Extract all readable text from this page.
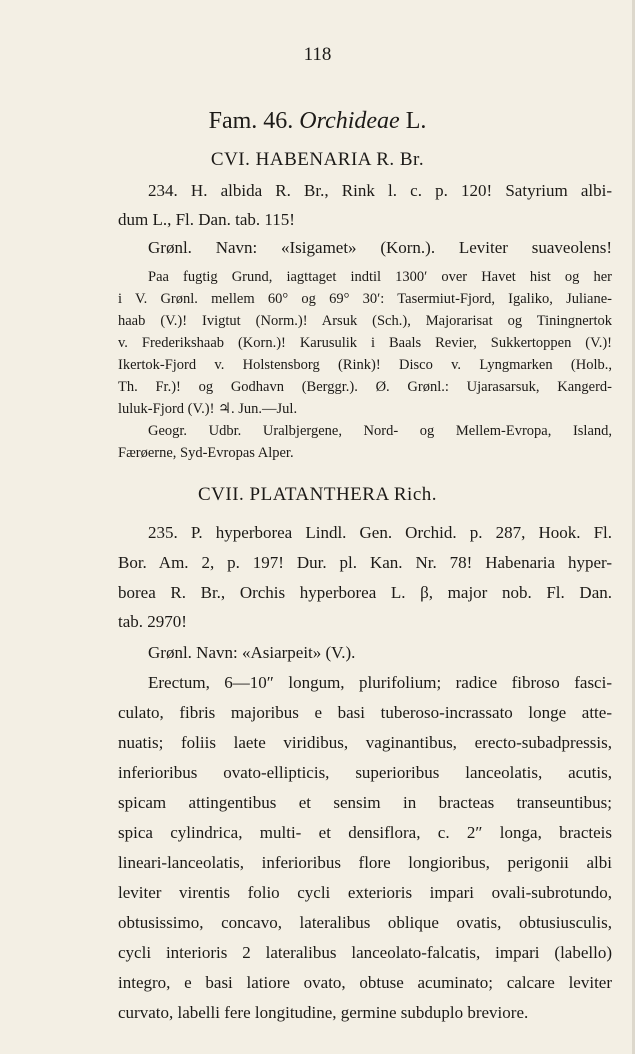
118
Fam. 46. Orchideae L.
CVI. HABENARIA R. Br.
234. H. albida R. Br., Rink l. c. p. 120! Satyrium albi-
dum L., Fl. Dan. tab. 115!
Grønl. Navn: «Isigamet» (Korn.). Leviter suaveolens!
Paa fugtig Grund, iagttaget indtil 1300′ over Havet hist og her
i V. Grønl. mellem 60° og 69° 30′: Tasermiut-Fjord, Igaliko, Juliane-
haab (V.)! Ivigtut (Norm.)! Arsuk (Sch.), Majorarisat og Tiningnertok
v. Frederikshaab (Korn.)! Karusulik i Baals Revier, Sukkertoppen (V.)!
Ikertok-Fjord v. Holstensborg (Rink)! Disco v. Lyngmarken (Holb.,
Th. Fr.)! og Godhavn (Berggr.). Ø. Grønl.: Ujarasarsuk, Kangerd-
luluk-Fjord (V.)! ♃. Jun.—Jul.
Geogr. Udbr. Uralbjergene, Nord- og Mellem-Evropa, Island,
Færøerne, Syd-Evropas Alper.
CVII. PLATANTHERA Rich.
235. P. hyperborea Lindl. Gen. Orchid. p. 287, Hook. Fl.
Bor. Am. 2, p. 197! Dur. pl. Kan. Nr. 78! Habenaria hyper-
borea R. Br., Orchis hyperborea L. β, major nob. Fl. Dan.
tab. 2970!
Grønl. Navn: «Asiarpeit» (V.).
Erectum, 6—10″ longum, plurifolium; radice fibroso fasci-
culato, fibris majoribus e basi tuberoso-incrassato longe atte-
nuatis; foliis laete viridibus, vaginantibus, erecto-subadpressis,
inferioribus ovato-ellipticis, superioribus lanceolatis, acutis,
spicam attingentibus et sensim in bracteas transeuntibus;
spica cylindrica, multi- et densiflora, c. 2″ longa, bracteis
lineari-lanceolatis, inferioribus flore longioribus, perigonii albi
leviter virentis folio cycli exterioris impari ovali-subrotundo,
obtusissimo, concavo, lateralibus oblique ovatis, obtusiusculis,
cycli interioris 2 lateralibus lanceolato-falcatis, impari (labello)
integro, e basi latiore ovato, obtuse acuminato; calcare leviter
curvato, labelli fere longitudine, germine subduplo breviore.
